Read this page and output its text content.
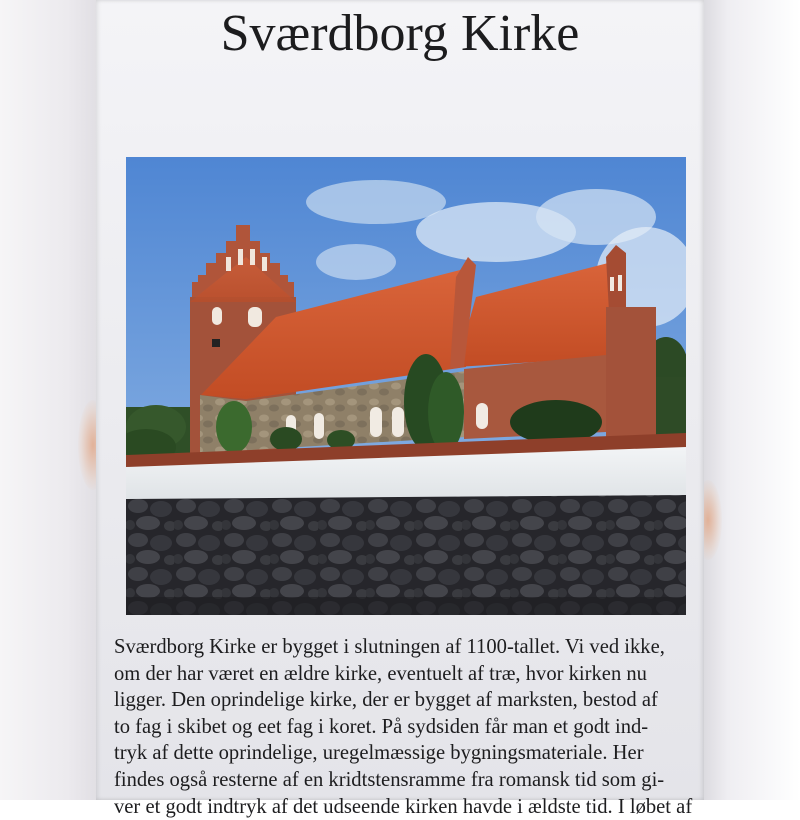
Sværdborg Kirke

Sværdborg Kirke er bygget i slutningen af 1100-tallet. Vi ved ikke,
om der har været en ældre kirke, eventuelt af træ, hvor kirken nu
ligger. Den oprindelige kirke, der er bygget af marksten, bestod af
to fag i skibet og eet fag i koret. På sydsiden får man et godt ind-
tryk af dette oprindelige, uregelmæssige bygningsmateriale. Her
findes også resterne af en kridtstensramme fra romansk tid som gi-
ver et godt indtryk af det udseende kirken havde i ældste tid. I løbet af
